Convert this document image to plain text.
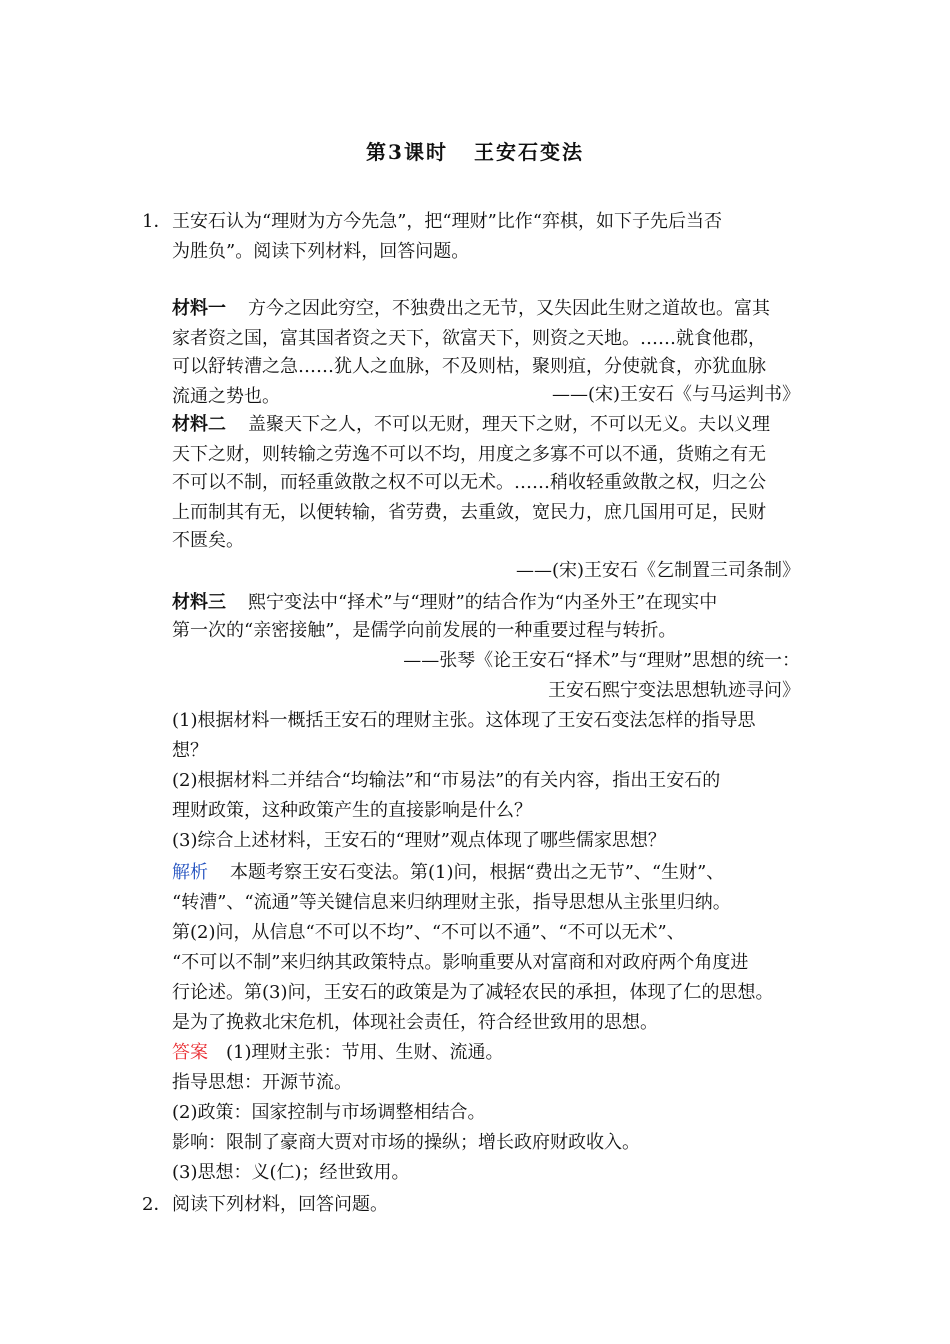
第3课时 王安石变法
1． 王安石认为“理财为方今先急”，把“理财”比作“弈棋，如下子先后当否
为胜负”。阅读下列材料，回答问题。
材料一 方今之因此穷空，不独费出之无节，又失因此生财之道故也。富其
家者资之国，富其国者资之天下，欲富天下，则资之天地。……就食他郡，
可以舒转漕之急……犹人之血脉，不及则枯，聚则疽，分使就食，亦犹血脉
流通之势也。	——(宋)王安石《与马运判书》
材料二 盖聚天下之人，不可以无财，理天下之财，不可以无义。夫以义理
天下之财，则转输之劳逸不可以不均，用度之多寡不可以不通，货贿之有无
不可以不制，而轻重敛散之权不可以无术。……稍收轻重敛散之权，归之公
上而制其有无，以便转输，省劳费，去重敛，宽民力，庶几国用可足，民财
不匮矣。
——(宋)王安石《乞制置三司条制》
材料三 熙宁变法中“择术”与“理财”的结合作为“内圣外王”在现实中
第一次的“亲密接触”，是儒学向前发展的一种重要过程与转折。
——张琴《论王安石“择术”与“理财”思想的统一：
王安石熙宁变法思想轨迹寻问》
(1)根据材料一概括王安石的理财主张。这体现了王安石变法怎样的指导思
想？
(2)根据材料二并结合“均输法”和“市易法”的有关内容，指出王安石的
理财政策，这种政策产生的直接影响是什么？
(3)综合上述材料，王安石的“理财”观点体现了哪些儒家思想？
解析 本题考察王安石变法。第(1)问，根据“费出之无节”、“生财”、
“转漕”、“流通”等关键信息来归纳理财主张，指导思想从主张里归纳。
第(2)问，从信息“不可以不均”、“不可以不通”、“不可以无术”、
“不可以不制”来归纳其政策特点。影响重要从对富商和对政府两个角度进
行论述。第(3)问，王安石的政策是为了减轻农民的承担，体现了仁的思想。
是为了挽救北宋危机，体现社会责任，符合经世致用的思想。
答案 (1)理财主张：节用、生财、流通。
指导思想：开源节流。
(2)政策：国家控制与市场调整相结合。
影响：限制了豪商大贾对市场的操纵；增长政府财政收入。
(3)思想：义(仁)；经世致用。
2． 阅读下列材料，回答问题。
